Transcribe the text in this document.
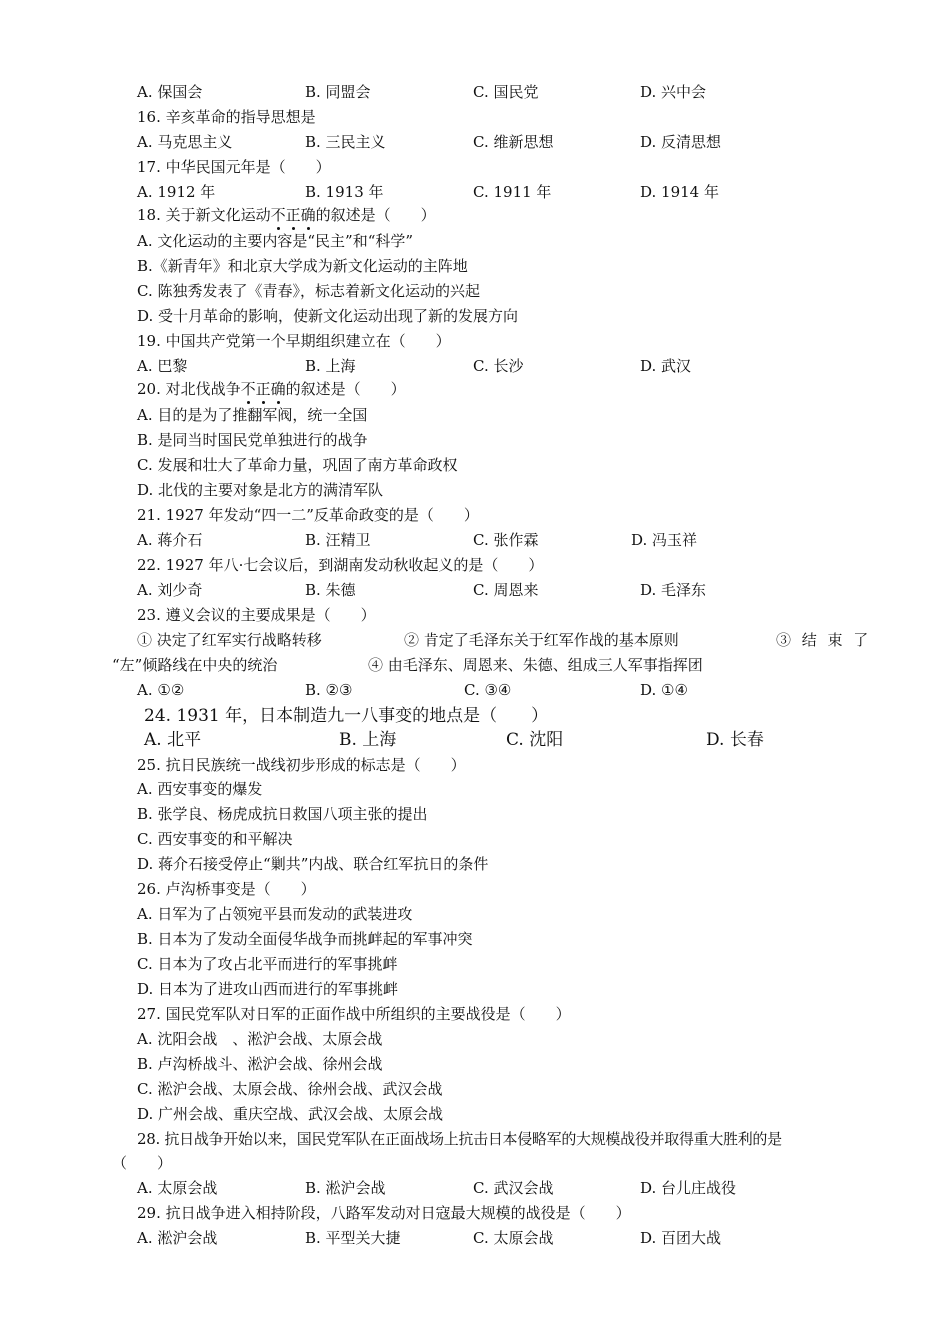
A. 保国会	B. 同盟会	C. 国民党	D. 兴中会
16. 辛亥革命的指导思想是
A. 马克思主义	B. 三民主义	C. 维新思想	D. 反清思想
17. 中华民国元年是（　　）
A. 1912 年	B. 1913 年	C. 1911 年	D. 1914 年
18. 关于新文化运动不正确的叙述是（　　）
A. 文化运动的主要内容是“民主”和“科学”
B.《新青年》和北京大学成为新文化运动的主阵地
C. 陈独秀发表了《青春》，标志着新文化运动的兴起
D. 受十月革命的影响，使新文化运动出现了新的发展方向
19. 中国共产党第一个早期组织建立在（　　）
A. 巴黎	B. 上海	C. 长沙	D. 武汉
20. 对北伐战争不正确的叙述是（　　）
A. 目的是为了推翻军阀，统一全国
B. 是同当时国民党单独进行的战争
C. 发展和壮大了革命力量，巩固了南方革命政权
D. 北伐的主要对象是北方的满清军队
21. 1927 年发动“四一二”反革命政变的是（　　）
A. 蒋介石	B. 汪精卫	C. 张作霖	D. 冯玉祥
22. 1927 年八·七会议后，到湖南发动秋收起义的是（　　）
A. 刘少奇	B. 朱德	C. 周恩来	D. 毛泽东
23. 遵义会议的主要成果是（　　）
① 决定了红军实行战略转移	② 肯定了毛泽东关于红军作战的基本原则	③ 结 束 了
“左”倾路线在中央的统治	④ 由毛泽东、周恩来、朱德、组成三人军事指挥团
A. ①②	B. ②③	C. ③④	D. ①④
24. 1931 年，日本制造九一八事变的地点是（　　）
A. 北平	B. 上海	C. 沈阳	D. 长春
25. 抗日民族统一战线初步形成的标志是（　　）
A. 西安事变的爆发
B. 张学良、杨虎成抗日救国八项主张的提出
C. 西安事变的和平解决
D. 蒋介石接受停止“剿共”内战、联合红军抗日的条件
26. 卢沟桥事变是（　　）
A. 日军为了占领宛平县而发动的武装进攻
B. 日本为了发动全面侵华战争而挑衅起的军事冲突
C. 日本为了攻占北平而进行的军事挑衅
D. 日本为了进攻山西而进行的军事挑衅
27. 国民党军队对日军的正面作战中所组织的主要战役是（　　）
A. 沈阳会战　、淞沪会战、太原会战
B. 卢沟桥战斗、淞沪会战、徐州会战
C. 淞沪会战、太原会战、徐州会战、武汉会战
D. 广州会战、重庆空战、武汉会战、太原会战
28. 抗日战争开始以来，国民党军队在正面战场上抗击日本侵略军的大规模战役并取得重大胜利的是
（　　）
A. 太原会战	B. 淞沪会战	C. 武汉会战	D. 台儿庄战役
29. 抗日战争进入相持阶段，八路军发动对日寇最大规模的战役是（　　）
A. 淞沪会战	B. 平型关大捷	C. 太原会战	D. 百团大战
